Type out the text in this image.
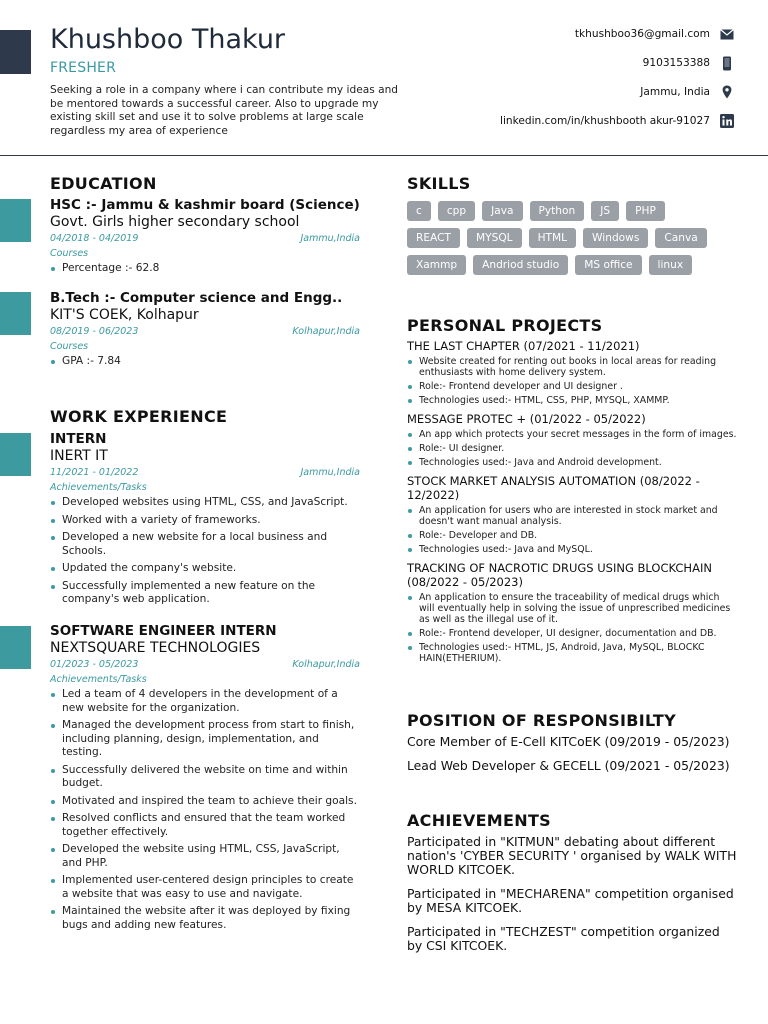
Khushboo Thakur
FRESHER
Seeking a role in a company where i can contribute my ideas and be mentored towards a successful career. Also to upgrade my existing skill set and use it to solve problems at large scale regardless my area of experience
tkhushboo36@gmail.com
9103153388
Jammu, India
linkedin.com/in/khushbooth akur-91027
EDUCATION
HSC :- Jammu & kashmir board (Science)
Govt. Girls higher secondary school
04/2018 - 04/2019	Jammu,India
Courses
Percentage :- 62.8
B.Tech :- Computer science and Engg..
KIT'S COEK, Kolhapur
08/2019 - 06/2023	Kolhapur,India
Courses
GPA :- 7.84
WORK EXPERIENCE
INTERN
INERT IT
11/2021 - 01/2022	Jammu,India
Achievements/Tasks
Developed websites using HTML, CSS, and JavaScript.
Worked with a variety of frameworks.
Developed a new website for a local business and Schools.
Updated the company's website.
Successfully implemented a new feature on the company's web application.
SOFTWARE ENGINEER INTERN
NEXTSQUARE TECHNOLOGIES
01/2023 - 05/2023	Kolhapur,India
Achievements/Tasks
Led a team of 4 developers in the development of a new website for the organization.
Managed the development process from start to finish, including planning, design, implementation, and testing.
Successfully delivered the website on time and within budget.
Motivated and inspired the team to achieve their goals.
Resolved conflicts and ensured that the team worked together effectively.
Developed the website using HTML, CSS, JavaScript, and PHP.
Implemented user-centered design principles to create a website that was easy to use and navigate.
Maintained the website after it was deployed by fixing bugs and adding new features.
SKILLS
c	cpp	Java	Python	JS	PHP
REACT	MYSQL	HTML	Windows	Canva
Xammp	Andriod studio	MS office	linux
PERSONAL PROJECTS
THE LAST CHAPTER (07/2021 - 11/2021)
Website created for renting out books in local areas for reading enthusiasts with home delivery system.
Role:- Frontend developer and UI designer .
Technologies used:- HTML, CSS, PHP, MYSQL, XAMMP.
MESSAGE PROTEC + (01/2022 - 05/2022)
An app which protects your secret messages in the form of images.
Role:- UI designer.
Technologies used:- Java and Android development.
STOCK MARKET ANALYSIS AUTOMATION (08/2022 - 12/2022)
An application for users who are interested in stock market and doesn't want manual analysis.
Role:- Developer and DB.
Technologies used:- Java and MySQL.
TRACKING OF NACROTIC DRUGS USING BLOCKCHAIN (08/2022 - 05/2023)
An application to ensure the traceability of medical drugs which will eventually help in solving the issue of unprescribed medicines as well as the illegal use of it.
Role:- Frontend developer, UI designer, documentation and DB.
Technologies used:- HTML, JS, Android, Java, MySQL, BLOCKC HAIN(ETHERIUM).
POSITION OF RESPONSIBILTY
Core Member of E-Cell KITCoEK (09/2019 - 05/2023)
Lead Web Developer & GECELL (09/2021 - 05/2023)
ACHIEVEMENTS
Participated in "KITMUN" debating about different nation's 'CYBER SECURITY ' organised by WALK WITH WORLD KITCOEK.
Participated in "MECHARENA" competition organised by MESA KITCOEK.
Participated in "TECHZEST" competition organized by CSI KITCOEK.
